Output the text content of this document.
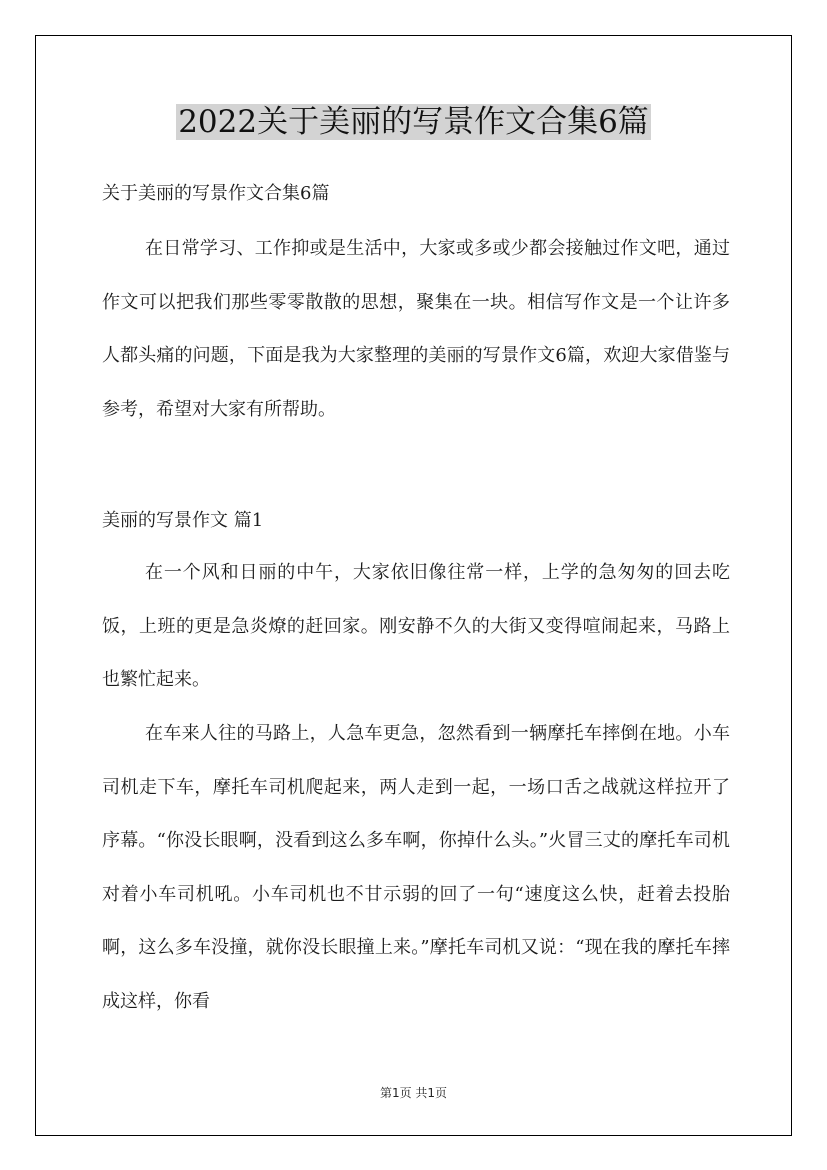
2022关于美丽的写景作文合集6篇

关于美丽的写景作文合集6篇

在日常学习、工作抑或是生活中，大家或多或少都会接触过作文吧，通过作文可以把我们那些零零散散的思想，聚集在一块。相信写作文是一个让许多人都头痛的问题，下面是我为大家整理的美丽的写景作文6篇，欢迎大家借鉴与参考，希望对大家有所帮助。

美丽的写景作文 篇1

在一个风和日丽的中午，大家依旧像往常一样，上学的急匆匆的回去吃饭，上班的更是急炎燎的赶回家。刚安静不久的大街又变得喧闹起来，马路上也繁忙起来。

在车来人往的马路上，人急车更急，忽然看到一辆摩托车摔倒在地。小车司机走下车，摩托车司机爬起来，两人走到一起，一场口舌之战就这样拉开了序幕。“你没长眼啊，没看到这么多车啊，你掉什么头。”火冒三丈的摩托车司机对着小车司机吼。小车司机也不甘示弱的回了一句“速度这么快，赶着去投胎啊，这么多车没撞，就你没长眼撞上来。”摩托车司机又说：“现在我的摩托车摔成这样，你看

第1页 共1页
